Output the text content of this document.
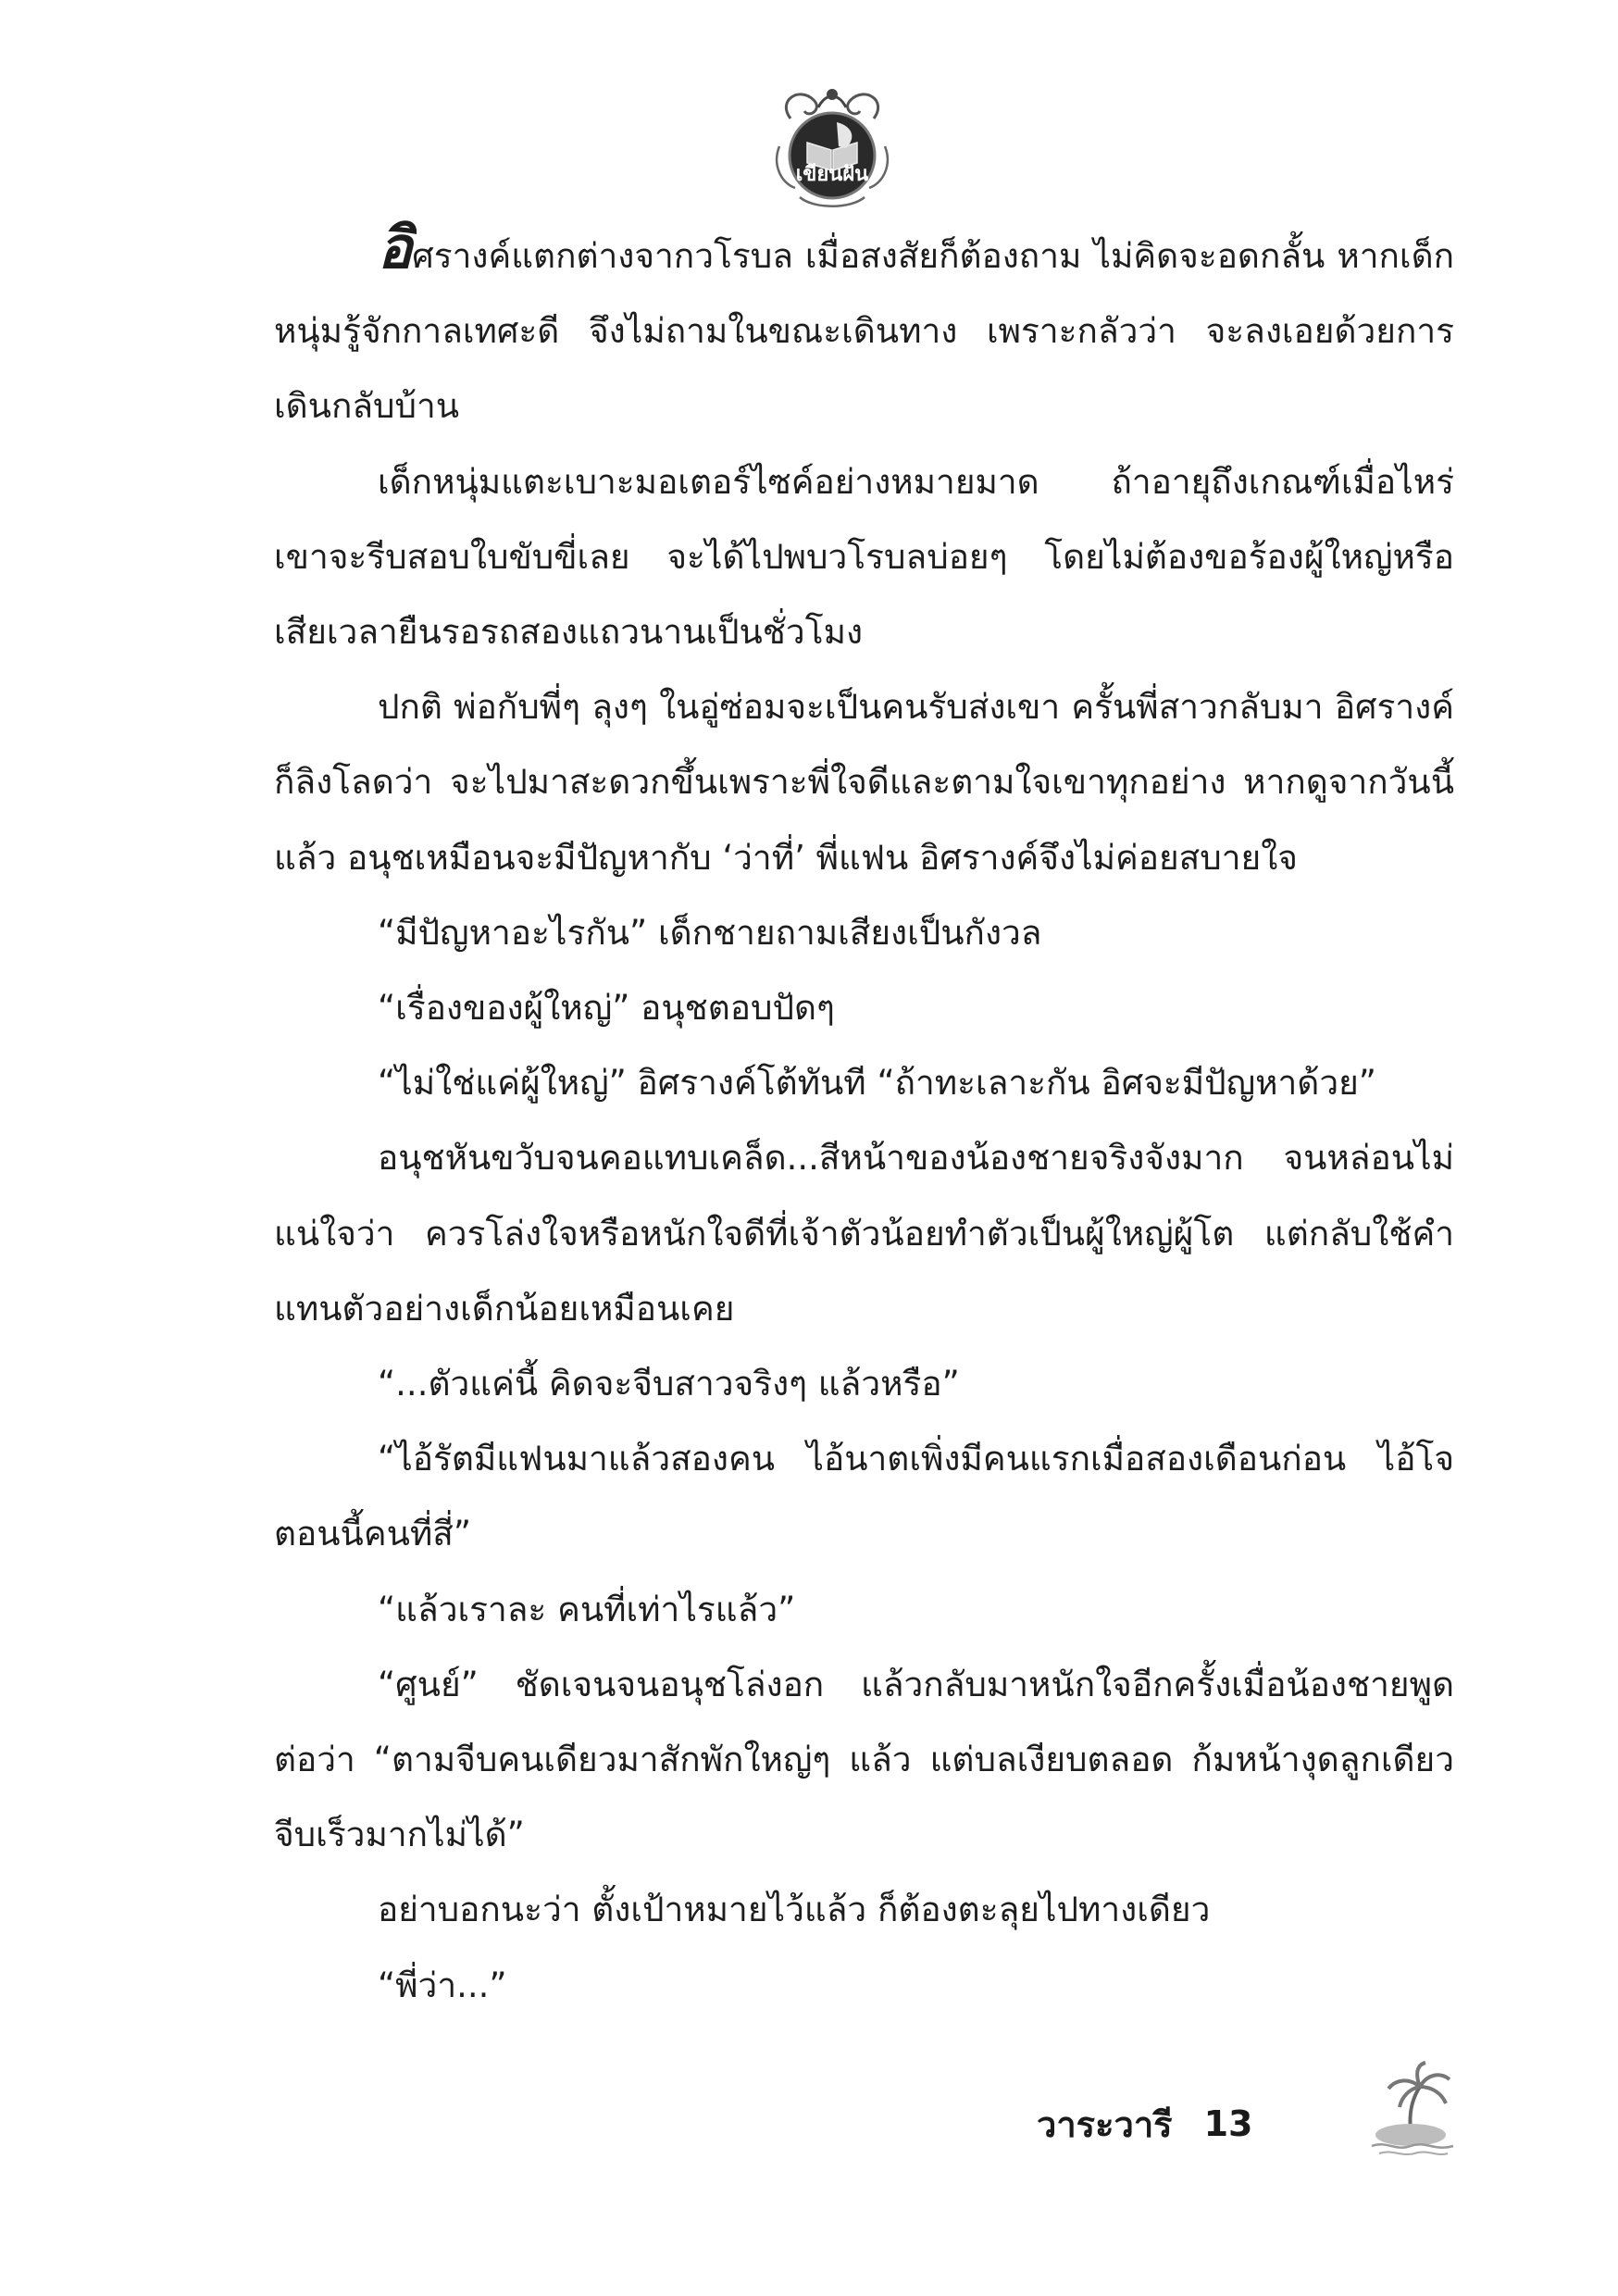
เขียนฝัน

อิศรางค์แตกต่างจากวโรบล เมื่อสงสัยก็ต้องถาม ไม่คิดจะอดกลั้น หากเด็กหนุ่มรู้จักกาลเทศะดี จึงไม่ถามในขณะเดินทาง เพราะกลัวว่า จะลงเอยด้วยการเดินกลับบ้าน

เด็กหนุ่มแตะเบาะมอเตอร์ไซค์อย่างหมายมาด ถ้าอายุถึงเกณฑ์เมื่อไหร่ เขาจะรีบสอบใบขับขี่เลย จะได้ไปพบวโรบลบ่อยๆ โดยไม่ต้องขอร้องผู้ใหญ่หรือเสียเวลายืนรอรถสองแถวนานเป็นชั่วโมง

ปกติ พ่อกับพี่ๆ ลุงๆ ในอู่ซ่อมจะเป็นคนรับส่งเขา ครั้นพี่สาวกลับมา อิศรางค์ก็ลิงโลดว่า จะไปมาสะดวกขึ้นเพราะพี่ใจดีและตามใจเขาทุกอย่าง หากดูจากวันนี้แล้ว อนุชเหมือนจะมีปัญหากับ ‘ว่าที่’ พี่แฟน อิศรางค์จึงไม่ค่อยสบายใจ

“มีปัญหาอะไรกัน” เด็กชายถามเสียงเป็นกังวล

“เรื่องของผู้ใหญ่” อนุชตอบปัดๆ

“ไม่ใช่แค่ผู้ใหญ่” อิศรางค์โต้ทันที “ถ้าทะเลาะกัน อิศจะมีปัญหาด้วย”

อนุชหันขวับจนคอแทบเคล็ด...สีหน้าของน้องชายจริงจังมาก จนหล่อนไม่แน่ใจว่า ควรโล่งใจหรือหนักใจดีที่เจ้าตัวน้อยทำตัวเป็นผู้ใหญ่ผู้โต แต่กลับใช้คำแทนตัวอย่างเด็กน้อยเหมือนเคย

“...ตัวแค่นี้ คิดจะจีบสาวจริงๆ แล้วหรือ”

“ไอ้รัตมีแฟนมาแล้วสองคน ไอ้นาตเพิ่งมีคนแรกเมื่อสองเดือนก่อน ไอ้โจตอนนี้คนที่สี่”

“แล้วเราละ คนที่เท่าไรแล้ว”

“ศูนย์” ชัดเจนจนอนุชโล่งอก แล้วกลับมาหนักใจอีกครั้งเมื่อน้องชายพูดต่อว่า “ตามจีบคนเดียวมาสักพักใหญ่ๆ แล้ว แต่บลเงียบตลอด ก้มหน้างุดลูกเดียว จีบเร็วมากไม่ได้”

อย่าบอกนะว่า ตั้งเป้าหมายไว้แล้ว ก็ต้องตะลุยไปทางเดียว

“พี่ว่า...”

วาระวารี 13
